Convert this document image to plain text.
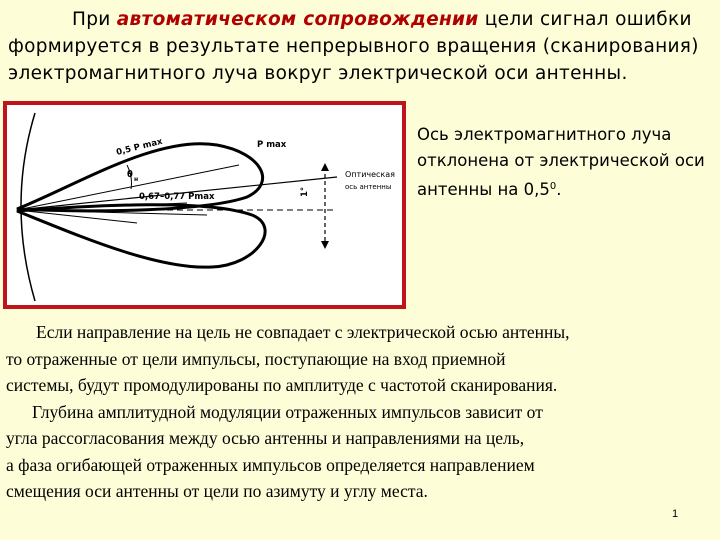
При автоматическом сопровождении цели сигнал ошибки формируется в результате непрерывного вращения (сканирования) электромагнитного луча вокруг электрической оси антенны.
0,5 P max	P max
0,67–0,77 Pmax
θ н
1°
Оптическая
ось антенны
Ось электромагнитного луча отклонена от электрической оси антенны на $0,5^0$.

Если направление на цель не совпадает с электрической осью антенны,

то отраженные от цели импульсы, поступающие на вход приемной

системы, будут промодулированы по амплитуде с частотой сканирования.

Глубина амплитудной модуляции отраженных импульсов зависит от

угла рассогласования между осью антенны и направлениями на цель,

а фаза огибающей отраженных импульсов определяется направлением

смещения оси антенны от цели по азимуту и углу места.

1
